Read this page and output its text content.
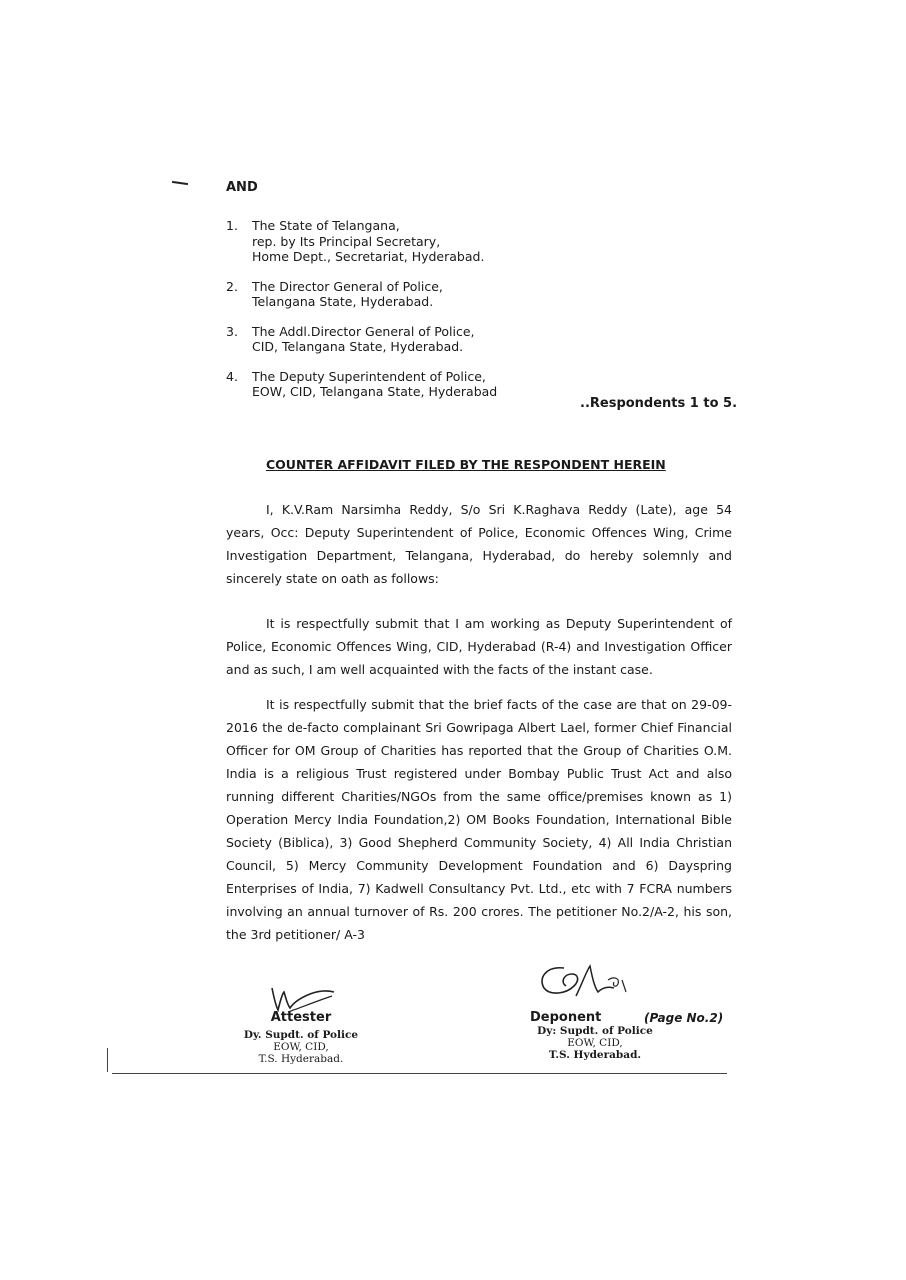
AND
1. The State of Telangana,
rep. by Its Principal Secretary,
Home Dept., Secretariat, Hyderabad.
2. The Director General of Police,
Telangana State, Hyderabad.
3. The Addl.Director General of Police,
CID, Telangana State, Hyderabad.
4. The Deputy Superintendent of Police,
EOW, CID, Telangana State, Hyderabad
..Respondents 1 to 5.
COUNTER AFFIDAVIT FILED BY THE RESPONDENT HEREIN

I, K.V.Ram Narsimha Reddy, S/o Sri K.Raghava Reddy (Late), age 54 years, Occ: Deputy Superintendent of Police, Economic Offences Wing, Crime Investigation Department, Telangana, Hyderabad, do hereby solemnly and sincerely state on oath as follows:

It is respectfully submit that I am working as Deputy Superintendent of Police, Economic Offences Wing, CID, Hyderabad (R-4) and Investigation Officer and as such, I am well acquainted with the facts of the instant case.

It is respectfully submit that the brief facts of the case are that on 29-09-2016 the de-facto complainant Sri Gowripaga Albert Lael, former Chief Financial Officer for OM Group of Charities has reported that the Group of Charities O.M. India is a religious Trust registered under Bombay Public Trust Act and also running different Charities/NGOs from the same office/premises known as 1) Operation Mercy India Foundation,2) OM Books Foundation, International Bible Society (Biblica), 3) Good Shepherd Community Society, 4) All India Christian Council, 5) Mercy Community Development Foundation and 6) Dayspring Enterprises of India, 7) Kadwell Consultancy Pvt. Ltd., etc with 7 FCRA numbers involving an annual turnover of Rs. 200 crores. The petitioner No.2/A-2, his son, the 3rd petitioner/ A-3

Attester
Dy. Supdt. of Police
EOW, CID,
T.S. Hyderabad.
Deponent
Dy: Supdt. of Police
EOW, CID,
T.S. Hyderabad.
(Page No.2)
